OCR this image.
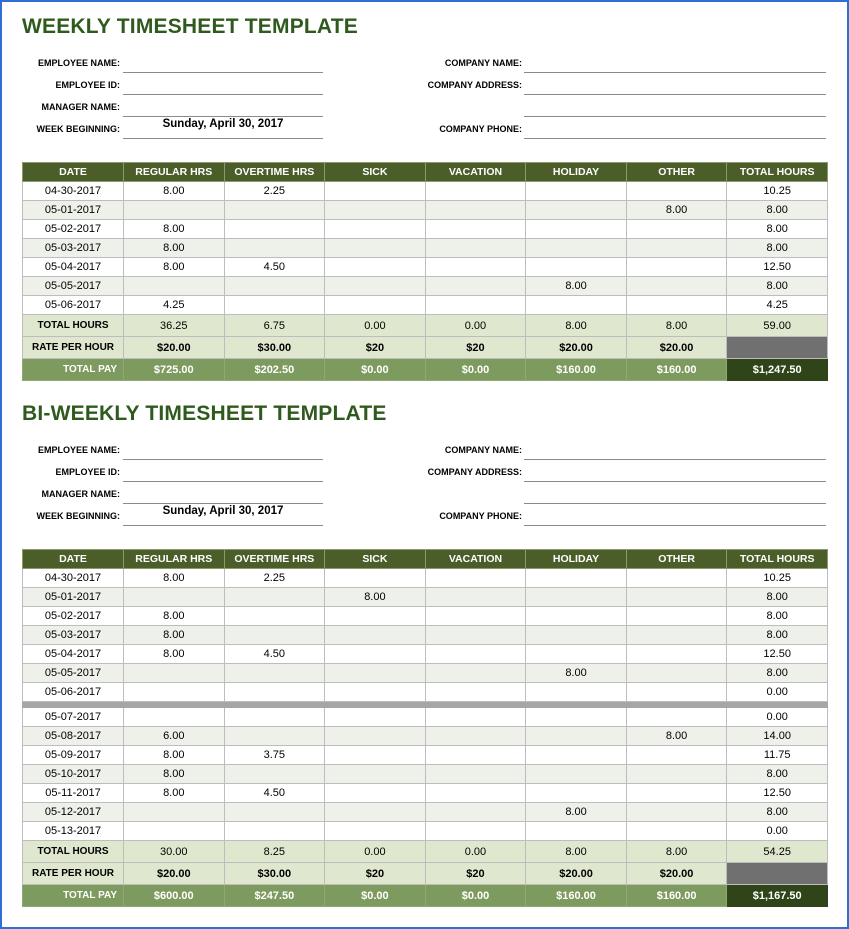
WEEKLY TIMESHEET TEMPLATE
EMPLOYEE NAME:	COMPANY NAME:
EMPLOYEE ID:	COMPANY ADDRESS:
MANAGER NAME:
WEEK BEGINNING:	Sunday, April 30, 2017	COMPANY PHONE:
DATE	REGULAR HRS	OVERTIME HRS	SICK	VACATION	HOLIDAY	OTHER	TOTAL HOURS
04-30-2017	8.00	2.25					10.25
05-01-2017						8.00	8.00
05-02-2017	8.00						8.00
05-03-2017	8.00						8.00
05-04-2017	8.00	4.50					12.50
05-05-2017					8.00		8.00
05-06-2017	4.25						4.25
TOTAL HOURS	36.25	6.75	0.00	0.00	8.00	8.00	59.00
RATE PER HOUR	$20.00	$30.00	$20	$20	$20.00	$20.00	
TOTAL PAY	$725.00	$202.50	$0.00	$0.00	$160.00	$160.00	$1,247.50
BI-WEEKLY TIMESHEET TEMPLATE
EMPLOYEE NAME:	COMPANY NAME:
EMPLOYEE ID:	COMPANY ADDRESS:
MANAGER NAME:
WEEK BEGINNING:	Sunday, April 30, 2017	COMPANY PHONE:
DATE	REGULAR HRS	OVERTIME HRS	SICK	VACATION	HOLIDAY	OTHER	TOTAL HOURS
04-30-2017	8.00	2.25					10.25
05-01-2017			8.00				8.00
05-02-2017	8.00						8.00
05-03-2017	8.00						8.00
05-04-2017	8.00	4.50					12.50
05-05-2017					8.00		8.00
05-06-2017							0.00

05-07-2017							0.00
05-08-2017	6.00					8.00	14.00
05-09-2017	8.00	3.75					11.75
05-10-2017	8.00						8.00
05-11-2017	8.00	4.50					12.50
05-12-2017					8.00		8.00
05-13-2017							0.00
TOTAL HOURS	30.00	8.25	0.00	0.00	8.00	8.00	54.25
RATE PER HOUR	$20.00	$30.00	$20	$20	$20.00	$20.00	
TOTAL PAY	$600.00	$247.50	$0.00	$0.00	$160.00	$160.00	$1,167.50
